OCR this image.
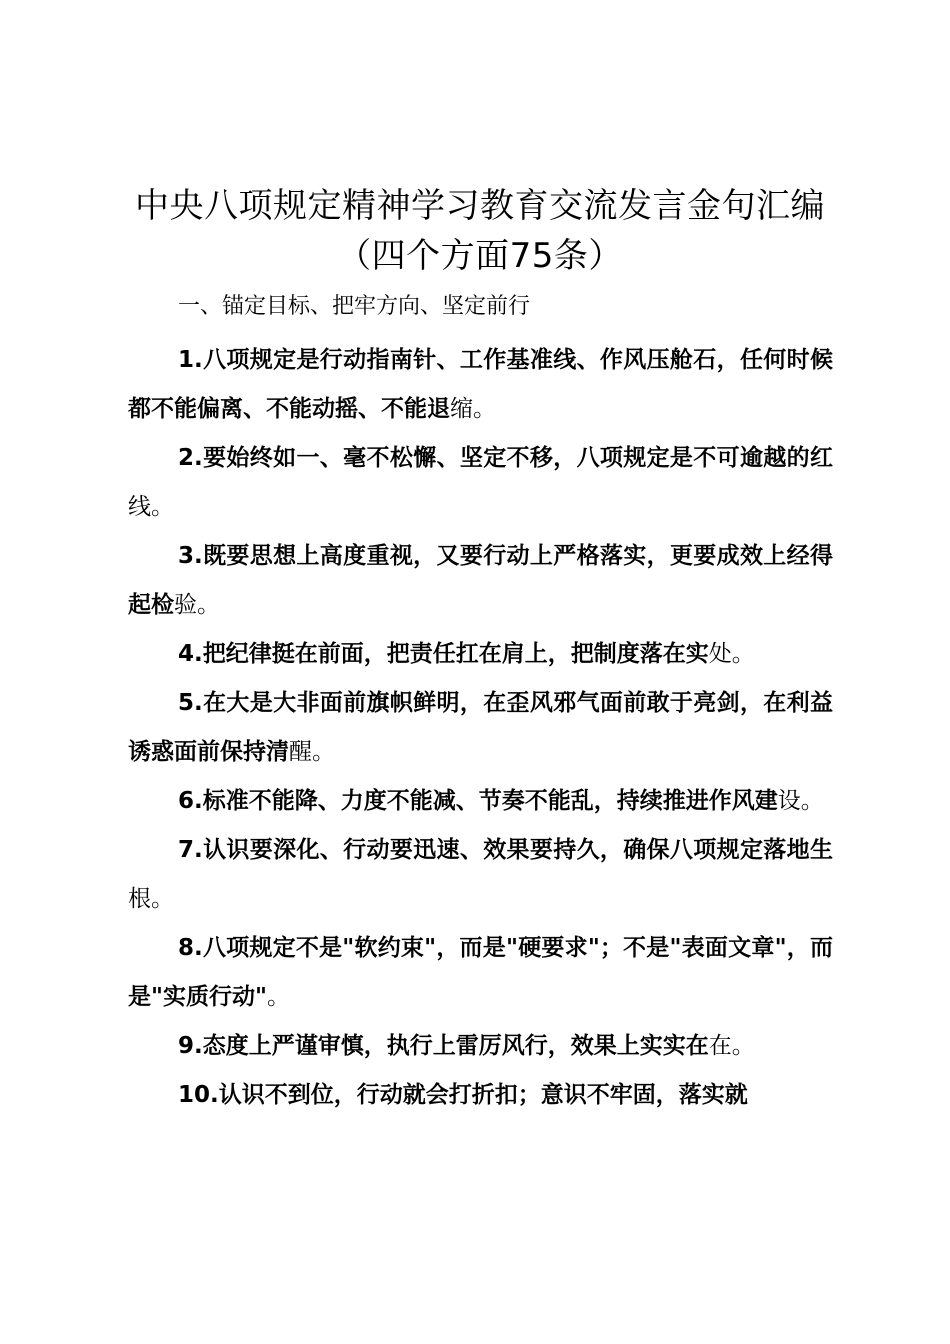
中央八项规定精神学习教育交流发言金句汇编
（四个方面75条）
一、锚定目标、把牢方向、坚定前行

1.八项规定是行动指南针、工作基准线、作风压舱石，任何时候都不能偏离、不能动摇、不能退缩。

2.要始终如一、毫不松懈、坚定不移，八项规定是不可逾越的红线。

3.既要思想上高度重视，又要行动上严格落实，更要成效上经得起检验。

4.把纪律挺在前面，把责任扛在肩上，把制度落在实处。

5.在大是大非面前旗帜鲜明，在歪风邪气面前敢于亮剑，在利益诱惑面前保持清醒。

6.标准不能降、力度不能减、节奏不能乱，持续推进作风建设。

7.认识要深化、行动要迅速、效果要持久，确保八项规定落地生根。

8.八项规定不是"软约束"，而是"硬要求"；不是"表面文章"，而是"实质行动"。

9.态度上严谨审慎，执行上雷厉风行，效果上实实在在。

10.认识不到位，行动就会打折扣；意识不牢固，落实就
